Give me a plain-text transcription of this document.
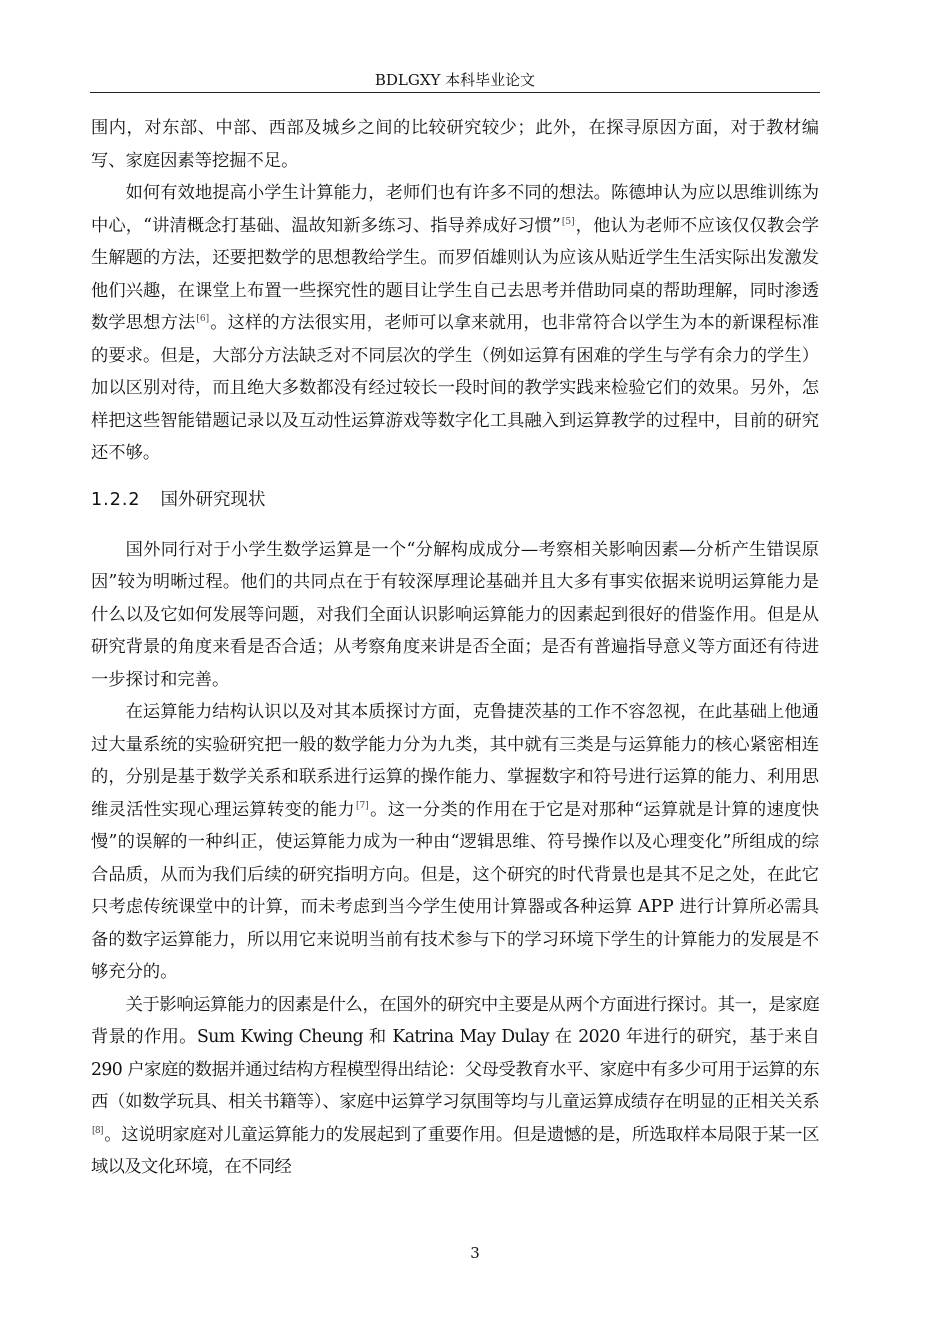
BDLGXY 本科毕业论文

围内，对东部、中部、西部及城乡之间的比较研究较少；此外，在探寻原因方面，对于教材编写、家庭因素等挖掘不足。

如何有效地提高小学生计算能力，老师们也有许多不同的想法。陈德坤认为应以思维训练为中心，“讲清概念打基础、温故知新多练习、指导养成好习惯”[5]，他认为老师不应该仅仅教会学生解题的方法，还要把数学的思想教给学生。而罗佰雄则认为应该从贴近学生生活实际出发激发他们兴趣，在课堂上布置一些探究性的题目让学生自己去思考并借助同桌的帮助理解，同时渗透数学思想方法[6]。这样的方法很实用，老师可以拿来就用，也非常符合以学生为本的新课程标准的要求。但是，大部分方法缺乏对不同层次的学生（例如运算有困难的学生与学有余力的学生）加以区别对待，而且绝大多数都没有经过较长一段时间的教学实践来检验它们的效果。另外，怎样把这些智能错题记录以及互动性运算游戏等数字化工具融入到运算教学的过程中，目前的研究还不够。

1.2.2 国外研究现状

国外同行对于小学生数学运算是一个“分解构成成分—考察相关影响因素—分析产生错误原因”较为明晰过程。他们的共同点在于有较深厚理论基础并且大多有事实依据来说明运算能力是什么以及它如何发展等问题，对我们全面认识影响运算能力的因素起到很好的借鉴作用。但是从研究背景的角度来看是否合适；从考察角度来讲是否全面；是否有普遍指导意义等方面还有待进一步探讨和完善。

在运算能力结构认识以及对其本质探讨方面，克鲁捷茨基的工作不容忽视，在此基础上他通过大量系统的实验研究把一般的数学能力分为九类，其中就有三类是与运算能力的核心紧密相连的，分别是基于数学关系和联系进行运算的操作能力、掌握数字和符号进行运算的能力、利用思维灵活性实现心理运算转变的能力[7]。这一分类的作用在于它是对那种“运算就是计算的速度快慢”的误解的一种纠正，使运算能力成为一种由“逻辑思维、符号操作以及心理变化”所组成的综合品质，从而为我们后续的研究指明方向。但是，这个研究的时代背景也是其不足之处，在此它只考虑传统课堂中的计算，而未考虑到当今学生使用计算器或各种运算 APP 进行计算所必需具备的数字运算能力，所以用它来说明当前有技术参与下的学习环境下学生的计算能力的发展是不够充分的。

关于影响运算能力的因素是什么，在国外的研究中主要是从两个方面进行探讨。其一，是家庭背景的作用。Sum Kwing Cheung 和 Katrina May Dulay 在 2020 年进行的研究，基于来自 290 户家庭的数据并通过结构方程模型得出结论：父母受教育水平、家庭中有多少可用于运算的东西（如数学玩具、相关书籍等）、家庭中运算学习氛围等均与儿童运算成绩存在明显的正相关关系[8]。这说明家庭对儿童运算能力的发展起到了重要作用。但是遗憾的是，所选取样本局限于某一区域以及文化环境，在不同经

3
